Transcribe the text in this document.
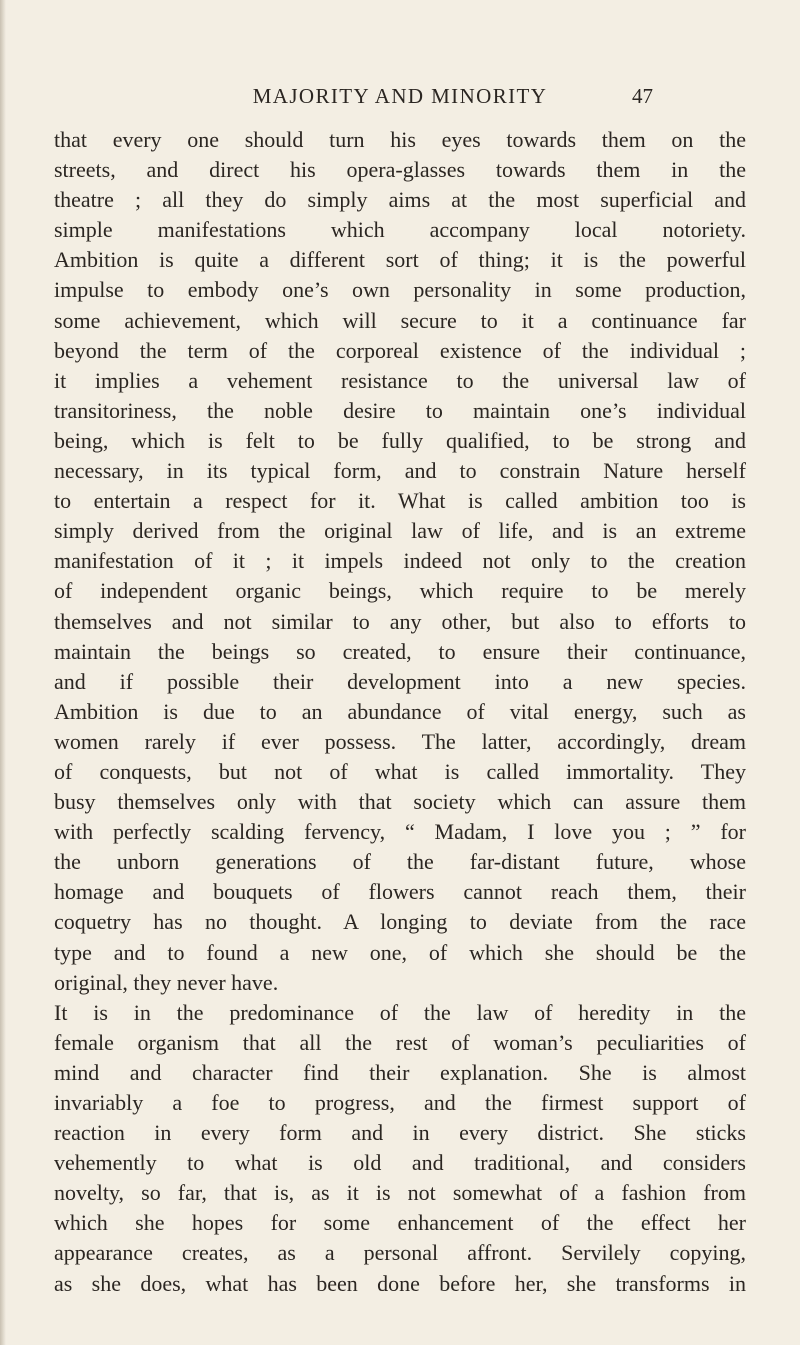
MAJORITY AND MINORITY	47
that every one should turn his eyes towards them on the
streets, and direct his opera-glasses towards them in the
theatre ; all they do simply aims at the most superficial and
simple manifestations which accompany local notoriety.
Ambition is quite a different sort of thing; it is the powerful
impulse to embody one’s own personality in some production,
some achievement, which will secure to it a continuance far
beyond the term of the corporeal existence of the individual ;
it implies a vehement resistance to the universal law of
transitoriness, the noble desire to maintain one’s individual
being, which is felt to be fully qualified, to be strong and
necessary, in its typical form, and to constrain Nature herself
to entertain a respect for it. What is called ambition too is
simply derived from the original law of life, and is an extreme
manifestation of it ; it impels indeed not only to the creation
of independent organic beings, which require to be merely
themselves and not similar to any other, but also to efforts to
maintain the beings so created, to ensure their continuance,
and if possible their development into a new species.
Ambition is due to an abundance of vital energy, such as
women rarely if ever possess. The latter, accordingly, dream
of conquests, but not of what is called immortality. They
busy themselves only with that society which can assure them
with perfectly scalding fervency, “ Madam, I love you ; ” for
the unborn generations of the far-distant future, whose
homage and bouquets of flowers cannot reach them, their
coquetry has no thought. A longing to deviate from the race
type and to found a new one, of which she should be the
original, they never have.
It is in the predominance of the law of heredity in the
female organism that all the rest of woman’s peculiarities of
mind and character find their explanation. She is almost
invariably a foe to progress, and the firmest support of
reaction in every form and in every district. She sticks
vehemently to what is old and traditional, and considers
novelty, so far, that is, as it is not somewhat of a fashion from
which she hopes for some enhancement of the effect her
appearance creates, as a personal affront. Servilely copying,
as she does, what has been done before her, she transforms in
